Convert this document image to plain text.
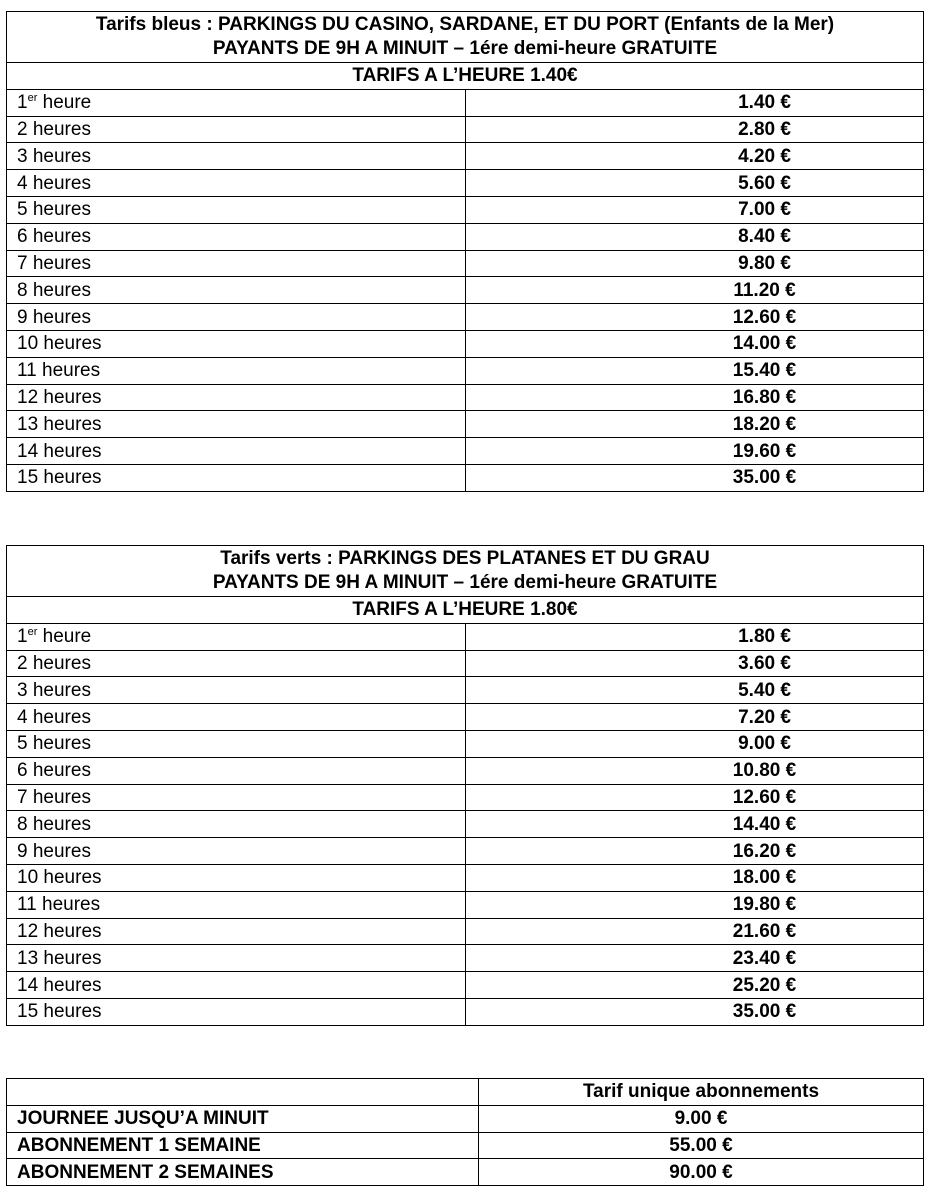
Tarifs bleus : PARKINGS DU CASINO, SARDANE, ET DU PORT (Enfants de la Mer)
PAYANTS DE 9H A MINUIT – 1ére demi-heure GRATUITE	

TARIFS A L’HEURE 1.40€	
1er heure	1.40 €
2 heures	2.80 €
3 heures	4.20 €
4 heures	5.60 €
5 heures	7.00 €
6 heures	8.40 €
7 heures	9.80 €
8 heures	11.20 €
9 heures	12.60 €
10 heures	14.00 €
11 heures	15.40 €
12 heures	16.80 €
13 heures	18.20 €
14 heures	19.60 €
15 heures	35.00 €
Tarifs verts : PARKINGS DES PLATANES ET DU GRAU
PAYANTS DE 9H A MINUIT – 1ére demi-heure GRATUITE	

TARIFS A L’HEURE 1.80€	
1er heure	1.80 €
2 heures	3.60 €
3 heures	5.40 €
4 heures	7.20 €
5 heures	9.00 €
6 heures	10.80 €
7 heures	12.60 €
8 heures	14.40 €
9 heures	16.20 €
10 heures	18.00 €
11 heures	19.80 €
12 heures	21.60 €
13 heures	23.40 €
14 heures	25.20 €
15 heures	35.00 €
	Tarif unique abonnements
JOURNEE JUSQU’A MINUIT	9.00 €
ABONNEMENT 1 SEMAINE	55.00 €
ABONNEMENT 2 SEMAINES	90.00 €
